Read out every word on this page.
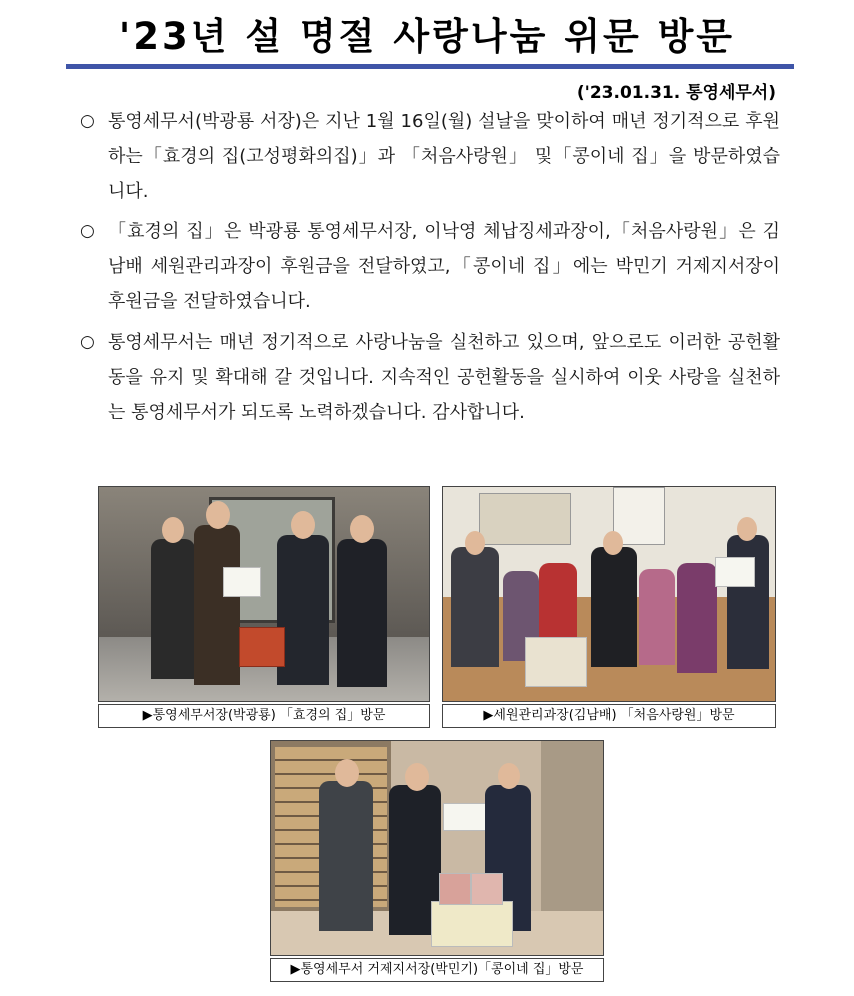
'23년 설 명절 사랑나눔 위문 방문
('23.01.31. 통영세무서)
○ 통영세무서(박광룡 서장)은 지난 1월 16일(월) 설날을 맞이하여 매년 정기적으로 후원하는「효경의 집(고성평화의집)」과 「처음사랑원」 및「콩이네 집」을 방문하였습니다.
○ 「효경의 집」은 박광룡 통영세무서장, 이낙영 체납징세과장이,「처음사랑원」은 김남배 세원관리과장이 후원금을 전달하였고,「콩이네 집」에는 박민기 거제지서장이 후원금을 전달하였습니다.
○ 통영세무서는 매년 정기적으로 사랑나눔을 실천하고 있으며, 앞으로도 이러한 공헌활동을 유지 및 확대해 갈 것입니다. 지속적인 공헌활동을 실시하여 이웃 사랑을 실천하는 통영세무서가 되도록 노력하겠습니다. 감사합니다.
▶통영세무서장(박광룡) 「효경의 집」방문	▶세원관리과장(김남배) 「처음사랑원」방문
▶통영세무서 거제지서장(박민기)「콩이네 집」방문
